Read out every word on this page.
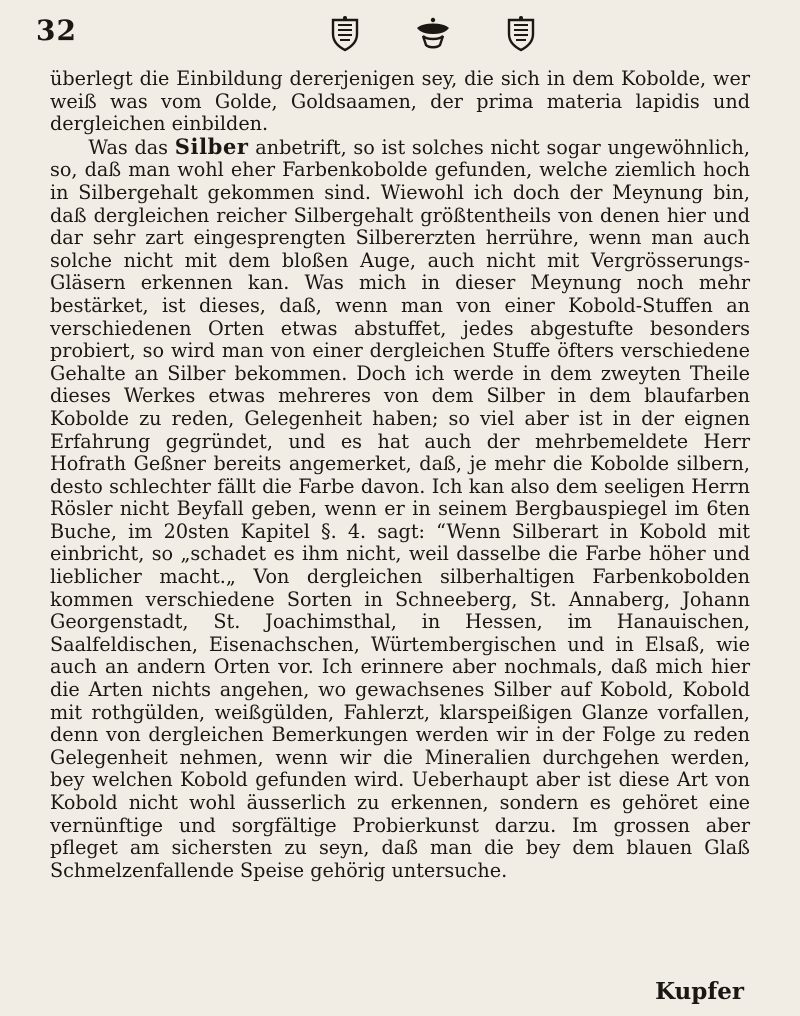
32

überlegt die Einbildung dererjenigen sey, die sich in dem Kobolde, wer weiß was vom Golde, Goldsaamen, der prima materia lapidis und dergleichen einbilden.

Was das Silber anbetrift, so ist solches nicht sogar ungewöhnlich, so, daß man wohl eher Farbenkobolde gefunden, welche ziemlich hoch in Silbergehalt gekommen sind. Wiewohl ich doch der Meynung bin, daß dergleichen reicher Silbergehalt größtentheils von denen hier und dar sehr zart eingesprengten Silbererzten herrühre, wenn man auch solche nicht mit dem bloßen Auge, auch nicht mit Vergrösserungs-Gläsern erkennen kan. Was mich in dieser Meynung noch mehr bestärket, ist dieses, daß, wenn man von einer Kobold-Stuffen an verschiedenen Orten etwas abstuffet, jedes abgestufte besonders probiert, so wird man von einer dergleichen Stuffe öfters verschiedene Gehalte an Silber bekommen. Doch ich werde in dem zweyten Theile dieses Werkes etwas mehreres von dem Silber in dem blaufarben Kobolde zu reden, Gelegenheit haben; so viel aber ist in der eignen Erfahrung gegründet, und es hat auch der mehrbemeldete Herr Hofrath Geßner bereits angemerket, daß, je mehr die Kobolde silbern, desto schlechter fällt die Farbe davon. Ich kan also dem seeligen Herrn Rösler nicht Beyfall geben, wenn er in seinem Bergbauspiegel im 6ten Buche, im 20sten Kapitel §. 4. sagt: “Wenn Silberart in Kobold mit einbricht, so „schadet es ihm nicht, weil dasselbe die Farbe höher und lieblicher macht.„ Von dergleichen silberhaltigen Farbenkobolden kommen verschiedene Sorten in Schneeberg, St. Annaberg, Johann Georgenstadt, St. Joachimsthal, in Hessen, im Hanauischen, Saalfeldischen, Eisenachschen, Würtembergischen und in Elsaß, wie auch an andern Orten vor. Ich erinnere aber nochmals, daß mich hier die Arten nichts angehen, wo gewachsenes Silber auf Kobold, Kobold mit rothgülden, weißgülden, Fahlerzt, klarspeißigen Glanze vorfallen, denn von dergleichen Bemerkungen werden wir in der Folge zu reden Gelegenheit nehmen, wenn wir die Mineralien durchgehen werden, bey welchen Kobold gefunden wird. Ueberhaupt aber ist diese Art von Kobold nicht wohl äusserlich zu erkennen, sondern es gehöret eine vernünftige und sorgfältige Probierkunst darzu. Im grossen aber pfleget am sichersten zu seyn, daß man die bey dem blauen Glaß Schmelzenfallende Speise gehörig untersuche.

Kupfer
